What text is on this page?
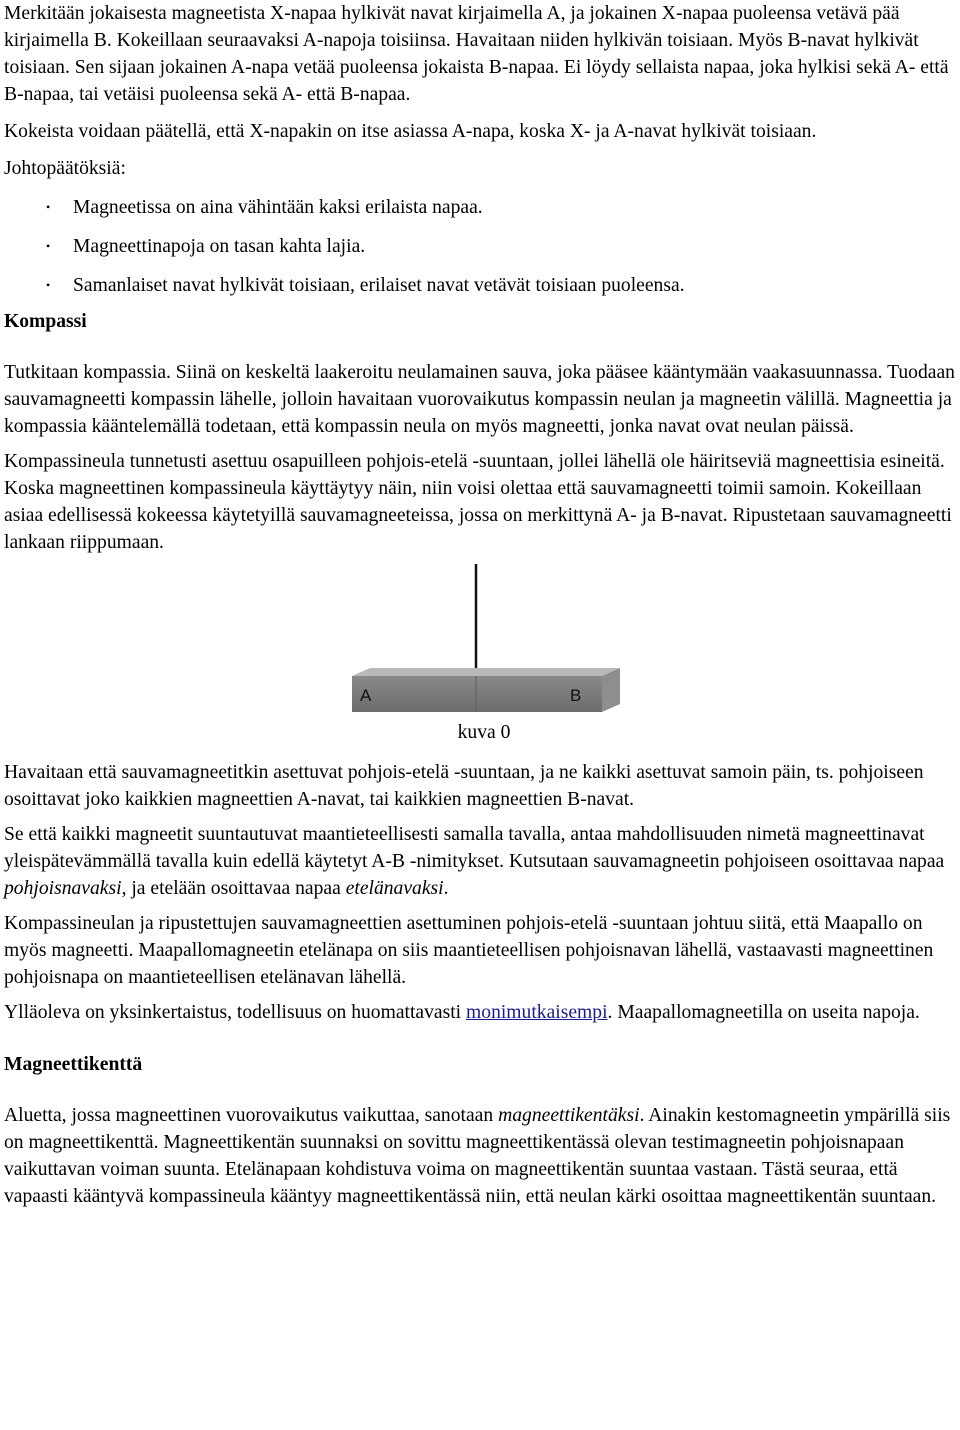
Merkitään jokaisesta magneetista X-napaa hylkivät navat kirjaimella A, ja jokainen X-napaa puoleensa vetävä pää kirjaimella B. Kokeillaan seuraavaksi A-napoja toisiinsa. Havaitaan niiden hylkivän toisiaan. Myös B-navat hylkivät toisiaan. Sen sijaan jokainen A-napa vetää puoleensa jokaista B-napaa. Ei löydy sellaista napaa, joka hylkisi sekä A- että B-napaa, tai vetäisi puoleensa sekä A- että B-napaa.

Kokeista voidaan päätellä, että X-napakin on itse asiassa A-napa, koska X- ja A-navat hylkivät toisiaan.

Johtopäätöksiä:

• Magneetissa on aina vähintään kaksi erilaista napaa.
• Magneettinapoja on tasan kahta lajia.
• Samanlaiset navat hylkivät toisiaan, erilaiset navat vetävät toisiaan puoleensa.
Kompassi

Tutkitaan kompassia. Siinä on keskeltä laakeroitu neulamainen sauva, joka pääsee kääntymään vaakasuunnassa. Tuodaan sauvamagneetti kompassin lähelle, jolloin havaitaan vuorovaikutus kompassin neulan ja magneetin välillä. Magneettia ja kompassia kääntelemällä todetaan, että kompassin neula on myös magneetti, jonka navat ovat neulan päissä.

Kompassineula tunnetusti asettuu osapuilleen pohjois-etelä -suuntaan, jollei lähellä ole häiritseviä magneettisia esineitä. Koska magneettinen kompassineula käyttäytyy näin, niin voisi olettaa että sauvamagneetti toimii samoin. Kokeillaan asiaa edellisessä kokeessa käytetyillä sauvamagneeteissa, jossa on merkittynä A- ja B-navat. Ripustetaan sauvamagneetti lankaan riippumaan.

A	B
kuva 0

Havaitaan että sauvamagneetitkin asettuvat pohjois-etelä -suuntaan, ja ne kaikki asettuvat samoin päin, ts. pohjoiseen osoittavat joko kaikkien magneettien A-navat, tai kaikkien magneettien B-navat.

Se että kaikki magneetit suuntautuvat maantieteellisesti samalla tavalla, antaa mahdollisuuden nimetä magneettinavat yleispätevämmällä tavalla kuin edellä käytetyt A-B -nimitykset. Kutsutaan sauvamagneetin pohjoiseen osoittavaa napaa pohjoisnavaksi, ja etelään osoittavaa napaa etelänavaksi.

Kompassineulan ja ripustettujen sauvamagneettien asettuminen pohjois-etelä -suuntaan johtuu siitä, että Maapallo on myös magneetti. Maapallomagneetin etelänapa on siis maantieteellisen pohjoisnavan lähellä, vastaavasti magneettinen pohjoisnapa on maantieteellisen etelänavan lähellä.

Ylläoleva on yksinkertaistus, todellisuus on huomattavasti monimutkaisempi. Maapallomagneetilla on useita napoja.

Magneettikenttä

Aluetta, jossa magneettinen vuorovaikutus vaikuttaa, sanotaan magneettikentäksi. Ainakin kestomagneetin ympärillä siis on magneettikenttä. Magneettikentän suunnaksi on sovittu magneettikentässä olevan testimagneetin pohjoisnapaan vaikuttavan voiman suunta. Etelänapaan kohdistuva voima on magneettikentän suuntaa vastaan. Tästä seuraa, että vapaasti kääntyvä kompassineula kääntyy magneettikentässä niin, että neulan kärki osoittaa magneettikentän suuntaan.
